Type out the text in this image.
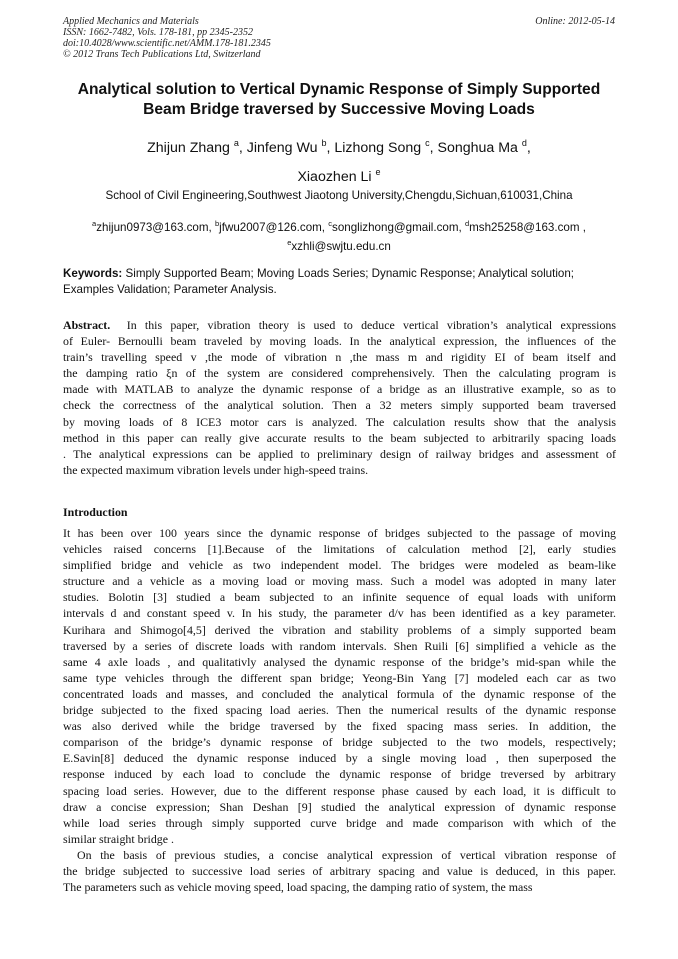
Applied Mechanics and Materials
ISSN: 1662-7482, Vols. 178-181, pp 2345-2352
doi:10.4028/www.scientific.net/AMM.178-181.2345
© 2012 Trans Tech Publications Ltd, Switzerland
Online: 2012-05-14
Analytical solution to Vertical Dynamic Response of Simply Supported
Beam Bridge traversed by Successive Moving Loads
Zhijun Zhang $^a$, Jinfeng Wu $^b$, Lizhong Song $^c$, Songhua Ma $^d$,
Xiaozhen Li $^e$
School of Civil Engineering,Southwest Jiaotong University,Chengdu,Sichuan,610031,China
$^a$zhijun0973@163.com, $^b$jfwu2007@126.com, $^c$songlizhong@gmail.com, $^d$msh25258@163.com ,
$^e$xzhli@swjtu.edu.cn
Keywords: Simply Supported Beam; Moving Loads Series; Dynamic Response; Analytical solution; Examples Validation; Parameter Analysis.
Abstract. In this paper, vibration theory is used to deduce vertical vibration’s analytical expressions
of Euler- Bernoulli beam traveled by moving loads. In the analytical expression, the influences of the
train’s travelling speed v ,the mode of vibration n ,the mass m and rigidity EI of beam itself and
the damping ratio ξn of the system are considered comprehensively. Then the calculating program is
made with MATLAB to analyze the dynamic response of a bridge as an illustrative example, so as to
check the correctness of the analytical solution. Then a 32 meters simply supported beam traversed
by moving loads of 8 ICE3 motor cars is analyzed. The calculation results show that the analysis
method in this paper can really give accurate results to the beam subjected to arbitrarily spacing loads
. The analytical expressions can be applied to preliminary design of railway bridges and assessment of
the expected maximum vibration levels under high-speed trains.
Introduction
It has been over 100 years since the dynamic response of bridges subjected to the passage of moving
vehicles raised concerns [1].Because of the limitations of calculation method [2], early studies
simplified bridge and vehicle as two independent model. The bridges were modeled as beam-like
structure and a vehicle as a moving load or moving mass. Such a model was adopted in many later
studies. Bolotin [3] studied a beam subjected to an infinite sequence of equal loads with uniform
intervals d and constant speed v. In his study, the parameter d/v has been identified as a key parameter.
Kurihara and Shimogo[4,5] derived the vibration and stability problems of a simply supported beam
traversed by a series of discrete loads with random intervals. Shen Ruili [6] simplified a vehicle as the
same 4 axle loads , and qualitativly analysed the dynamic response of the bridge’s mid-span while the
same type vehicles through the different span bridge; Yeong-Bin Yang [7] modeled each car as two
concentrated loads and masses, and concluded the analytical formula of the dynamic response of the
bridge subjected to the fixed spacing load aeries. Then the numerical results of the dynamic response
was also derived while the bridge traversed by the fixed spacing mass series. In addition, the
comparison of the bridge’s dynamic response of bridge subjected to the two models, respectively;
E.Savin[8] deduced the dynamic response induced by a single moving load , then superposed the
response induced by each load to conclude the dynamic response of bridge treversed by arbitrary
spacing load series. However, due to the different response phase caused by each load, it is difficult to
draw a concise expression; Shan Deshan [9] studied the analytical expression of dynamic response
while load series through simply supported curve bridge and made comparison with which of the
similar straight bridge .
On the basis of previous studies, a concise analytical expression of vertical vibration response of
the bridge subjected to successive load series of arbitrary spacing and value is deduced, in this paper.
The parameters such as vehicle moving speed, load spacing, the damping ratio of system, the mass
